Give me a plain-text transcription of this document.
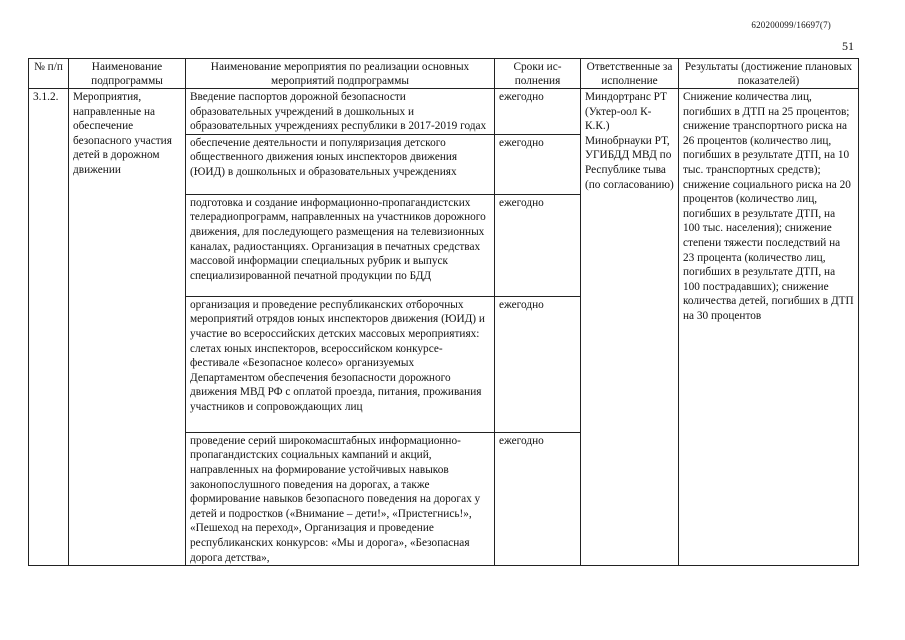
620200099/16697(7)
51
№ п/п	Наименование подпрограммы	Наименование мероприятия по реализации основных мероприятий подпрограммы	Сроки ис-полнения	Ответственные за исполнение	Результаты (достижение плановых показателей)
3.1.2.	Мероприятия, направленные на обеспечение безопасного участия детей в дорожном движении	Введение паспортов дорожной безопасности образовательных учреждений в дошкольных и образовательных учреждениях республики в 2017-2019 годах	ежегодно	Миндортранс РТ (Уктер-оол К-К.К.) Минобрнауки РТ, УГИБДД МВД по Республике тыва (по согласованию)	Снижение количества лиц, погибших в ДТП на 25 процентов; снижение транспортного риска на 26 процентов (количество лиц, погибших в результате ДТП, на 10 тыс. транспортных средств); снижение социального риска на 20 процентов (количество лиц, погибших в результате ДТП, на 100 тыс. населения); снижение степени тяжести последствий на 23 процента (количество лиц, погибших в результате ДТП, на 100 пострадавших); снижение количества детей, погибших в ДТП на 30 процентов
		обеспечение деятельности и популяризация детского общественного движения юных инспекторов движения (ЮИД) в дошкольных и образовательных учреждениях	ежегодно		
		подготовка и создание информационно-пропагандистских телерадиопрограмм, направленных на участников дорожного движения, для последующего размещения на телевизионных каналах, радиостанциях. Организация в печатных средствах массовой информации специальных рубрик и выпуск специализированной печатной продукции по БДД	ежегодно		
		организация и проведение республиканских отборочных мероприятий отрядов юных инспекторов движения (ЮИД) и участие во всероссийских детских массовых мероприятиях: слетах юных инспекторов, всероссийском конкурсе-фестивале «Безопасное колесо» организуемых Департаментом обеспечения безопасности дорожного движения МВД РФ с оплатой проезда, питания, проживания участников и сопровождающих лиц	ежегодно		
		проведение серий широкомасштабных информационно-пропагандистских социальных кампаний и акций, направленных на формирование устойчивых навыков законопослушного поведения на дорогах, а также формирование навыков безопасного поведения на дорогах у детей и подростков («Внимание – дети!», «Пристегнись!», «Пешеход на переход», Организация и проведение республиканских конкурсов: «Мы и дорога», «Безопасная дорога детства»,	ежегодно		
